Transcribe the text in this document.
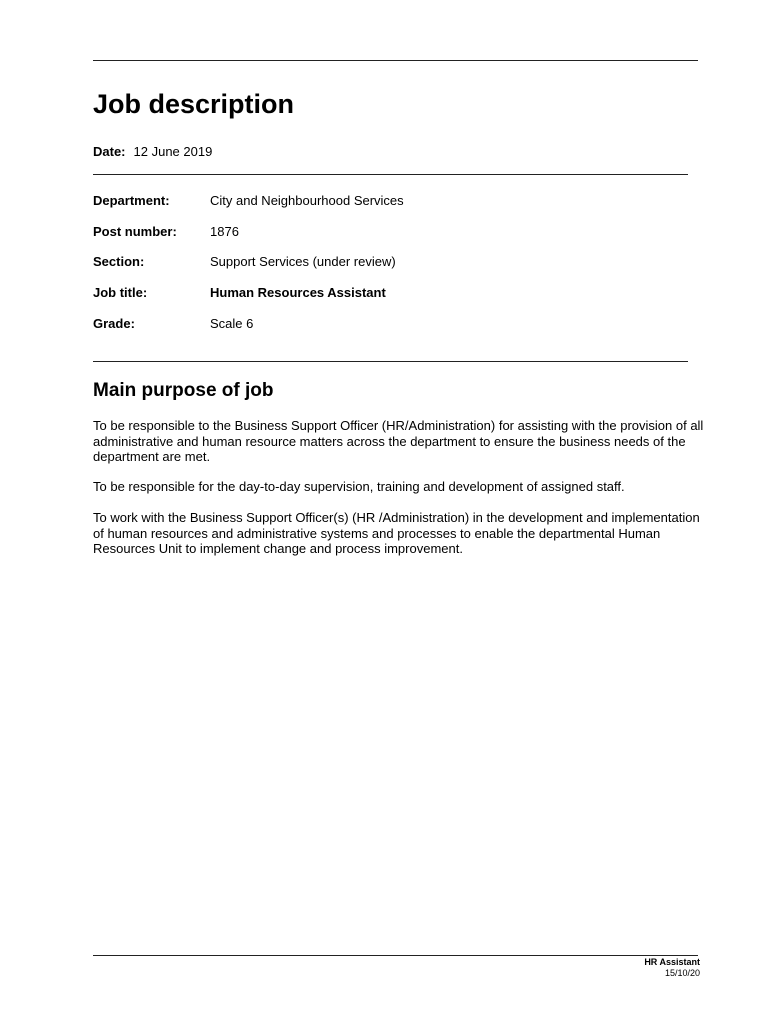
Job description
Date: 12 June 2019
Department:	City and Neighbourhood Services
Post number:	1876
Section:	Support Services (under review)
Job title:	Human Resources Assistant
Grade:	Scale 6
Main purpose of job

To be responsible to the Business Support Officer (HR/Administration) for assisting with the provision of all administrative and human resource matters across the department to ensure the business needs of the department are met.

To be responsible for the day-to-day supervision, training and development of assigned staff.

To work with the Business Support Officer(s) (HR /Administration) in the development and implementation of human resources and administrative systems and processes to enable the departmental Human Resources Unit to implement change and process improvement.

HR Assistant
15/10/20
